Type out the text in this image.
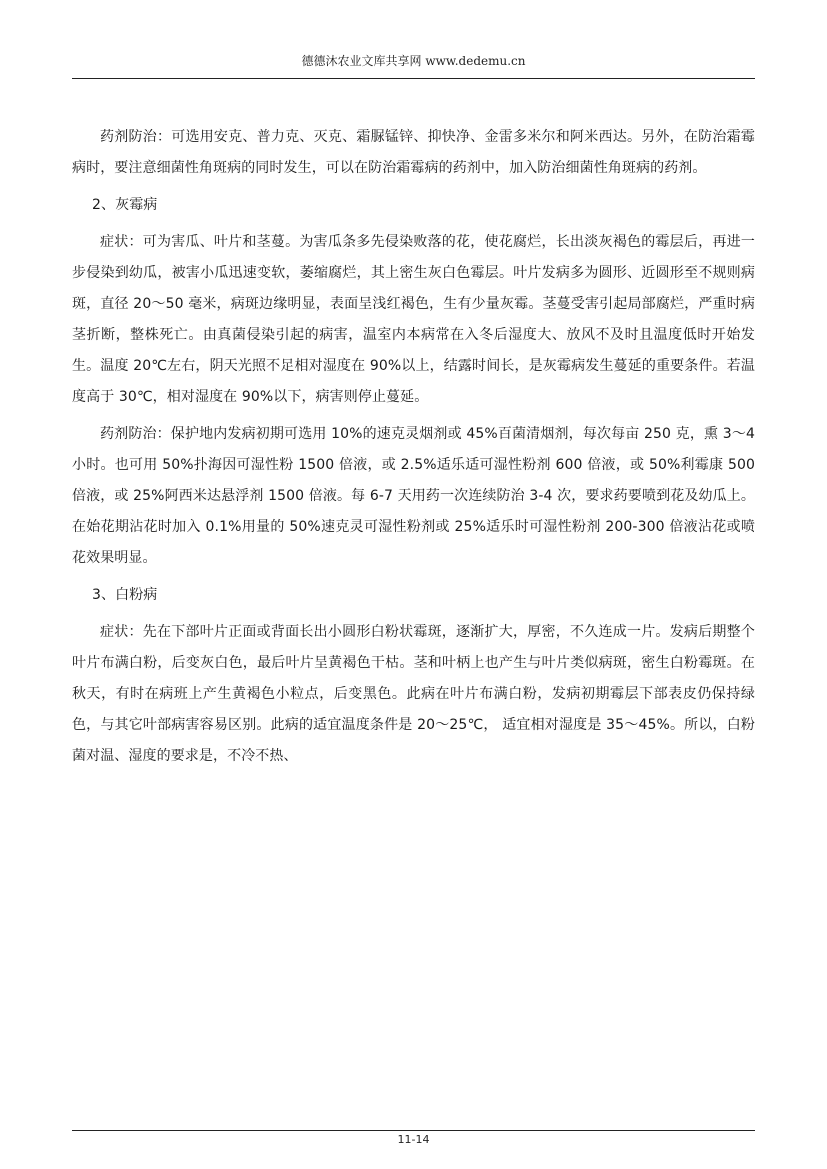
德德沐农业文库共享网 www.dedemu.cn

药剂防治：可选用安克、普力克、灭克、霜脲锰锌、抑快净、金雷多米尔和阿米西达。另外，在防治霜霉病时，要注意细菌性角斑病的同时发生，可以在防治霜霉病的药剂中，加入防治细菌性角斑病的药剂。

2、灰霉病

症状：可为害瓜、叶片和茎蔓。为害瓜条多先侵染败落的花，使花腐烂，长出淡灰褐色的霉层后，再进一步侵染到幼瓜，被害小瓜迅速变软，萎缩腐烂，其上密生灰白色霉层。叶片发病多为圆形、近圆形至不规则病斑，直径 20～50 毫米，病斑边缘明显，表面呈浅红褐色，生有少量灰霉。茎蔓受害引起局部腐烂，严重时病茎折断，整株死亡。由真菌侵染引起的病害，温室内本病常在入冬后湿度大、放风不及时且温度低时开始发生。温度 20℃左右，阴天光照不足相对湿度在 90%以上，结露时间长，是灰霉病发生蔓延的重要条件。若温度高于 30℃，相对湿度在 90%以下，病害则停止蔓延。

药剂防治：保护地内发病初期可选用 10%的速克灵烟剂或 45%百菌清烟剂，每次每亩 250 克，熏 3～4 小时。也可用 50%扑海因可湿性粉 1500 倍液，或 2.5%适乐适可湿性粉剂 600 倍液，或 50%利霉康 500 倍液，或 25%阿西米达悬浮剂 1500 倍液。每 6-7 天用药一次连续防治 3-4 次，要求药要喷到花及幼瓜上。在始花期沾花时加入 0.1%用量的 50%速克灵可湿性粉剂或 25%适乐时可湿性粉剂 200-300 倍液沾花或喷花效果明显。

3、白粉病

症状：先在下部叶片正面或背面长出小圆形白粉状霉斑，逐渐扩大，厚密，不久连成一片。发病后期整个叶片布满白粉，后变灰白色，最后叶片呈黄褐色干枯。茎和叶柄上也产生与叶片类似病斑，密生白粉霉斑。在秋天，有时在病班上产生黄褐色小粒点，后变黑色。此病在叶片布满白粉，发病初期霉层下部表皮仍保持绿色，与其它叶部病害容易区别。此病的适宜温度条件是 20～25℃， 适宜相对湿度是 35～45%。所以，白粉菌对温、湿度的要求是，不冷不热、

11-14
